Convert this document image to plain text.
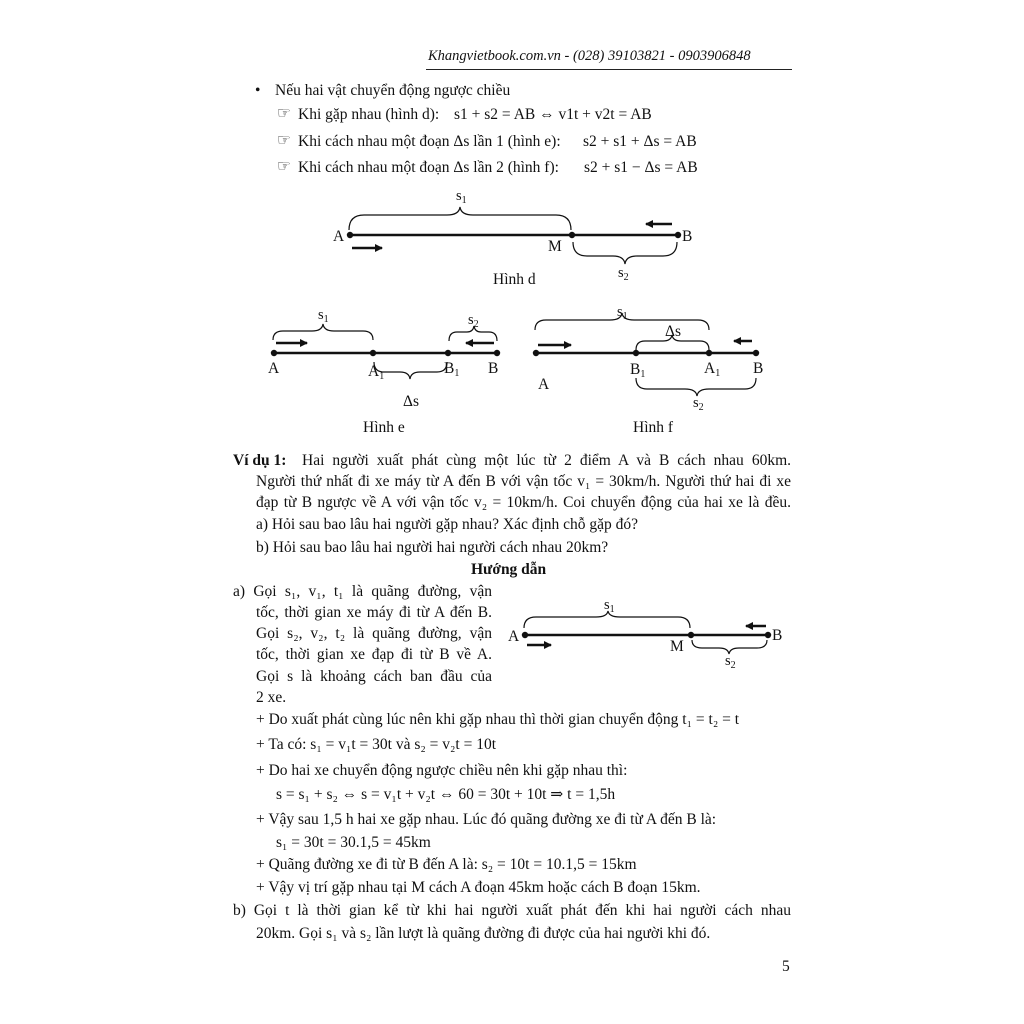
Khangvietbook.com.vn - (028) 39103821 - 0903906848
• Nếu hai vật chuyển động ngược chiều
☞ Khi gặp nhau (hình d): s1 + s2 = AB ⇔ v1t + v2t = AB
☞ Khi cách nhau một đoạn Δs lần 1 (hình e): s2 + s1 + Δs = AB
☞ Khi cách nhau một đoạn Δs lần 2 (hình f): s2 + s1 − Δs = AB
A	B
M
$s_1$
$s_2$
Hình d
A	A1	B1 B
$s_1$	$s_2$
Δs
Hình e
A
B1	A1 B
$s_1$
Δs
$s_2$
Hình f
A	B
M
$s_1$
$s_2$
Ví dụ 1: Hai người xuất phát cùng một lúc từ 2 điểm A và B cách nhau 60km.
Người thứ nhất đi xe máy từ A đến B với vận tốc v₁ = 30km/h. Người thứ hai đi xe
đạp từ B ngược về A với vận tốc v₂ = 10km/h. Coi chuyển động của hai xe là đều.
a) Hỏi sau bao lâu hai người gặp nhau? Xác định chỗ gặp đó?
b) Hỏi sau bao lâu hai người hai người cách nhau 20km?
Hướng dẫn
a) Gọi s₁, v₁, t₁ là quãng đường, vận
tốc, thời gian xe máy đi từ A đến B.
Gọi s₂, v₂, t₂ là quãng đường, vận
tốc, thời gian xe đạp đi từ B về A.
Gọi s là khoảng cách ban đầu của
2 xe.
+ Do xuất phát cùng lúc nên khi gặp nhau thì thời gian chuyển động t₁ = t₂ = t
+ Ta có: s₁ = v₁t = 30t và s₂ = v₂t = 10t
+ Do hai xe chuyển động ngược chiều nên khi gặp nhau thì:
s = s₁ + s₂ ⇔ s = v₁t + v₂t ⇔ 60 = 30t + 10t ⇒ t = 1,5h
+ Vậy sau 1,5 h hai xe gặp nhau. Lúc đó quãng đường xe đi từ A đến B là:
s₁ = 30t = 30.1,5 = 45km
+ Quãng đường xe đi từ B đến A là: s₂ = 10t = 10.1,5 = 15km
+ Vậy vị trí gặp nhau tại M cách A đoạn 45km hoặc cách B đoạn 15km.
b) Gọi t là thời gian kể từ khi hai người xuất phát đến khi hai người cách nhau
20km. Gọi s₁ và s₂ lần lượt là quãng đường đi được của hai người khi đó.
5
